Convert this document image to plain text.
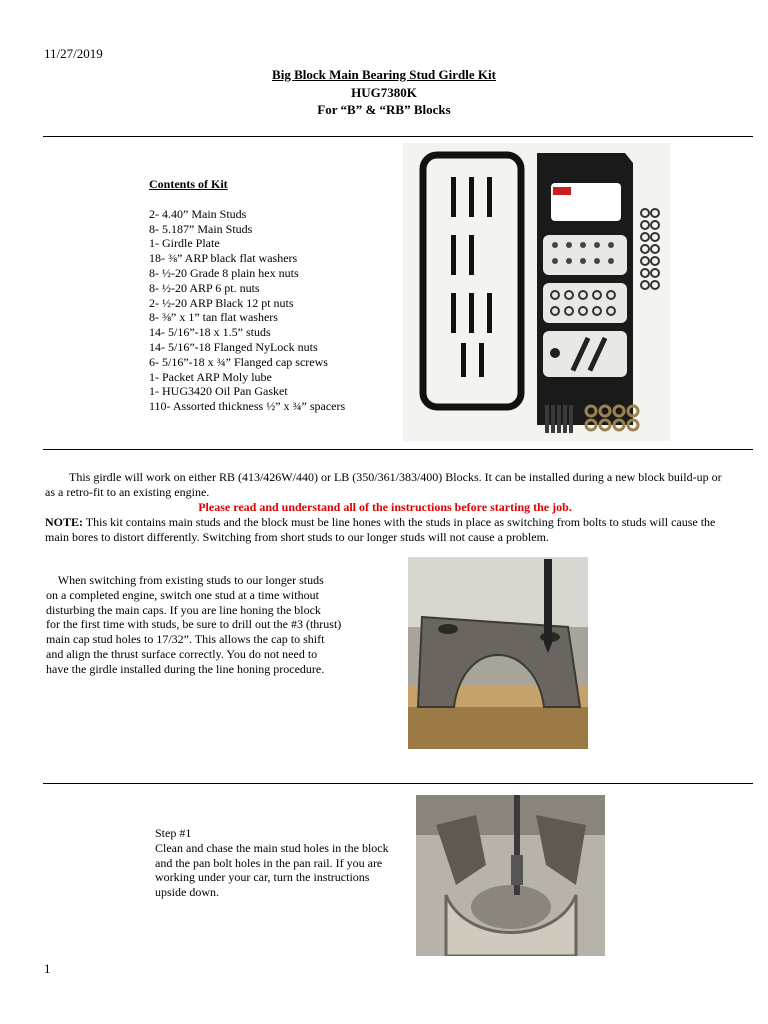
11/27/2019
Big Block Main Bearing Stud Girdle Kit
HUG7380K
For “B” & “RB” Blocks
Contents of Kit
2- 4.40” Main Studs
8- 5.187” Main Studs
1- Girdle Plate
18- ⅜” ARP black flat washers
8- ½-20 Grade 8 plain hex nuts
8- ½-20 ARP 6 pt. nuts
2- ½-20 ARP Black 12 pt nuts
8- ⅜” x 1” tan flat washers
14- 5/16”-18 x 1.5” studs
14- 5/16”-18 Flanged NyLock nuts
6- 5/16”-18 x ¾” Flanged cap screws
1- Packet ARP Moly lube
1- HUG3420 Oil Pan Gasket
110- Assorted thickness ½” x ¾” spacers
This girdle will work on either RB (413/426W/440) or LB (350/361/383/400) Blocks. It can be installed during a new block build-up or as a retro-fit to an existing engine.
Please read and understand all of the instructions before starting the job.
NOTE: This kit contains main studs and the block must be line hones with the studs in place as switching from bolts to studs will cause the main bores to distort differently. Switching from short studs to our longer studs will not cause a problem.
When switching from existing studs to our longer studs
on a completed engine, switch one stud at a time without
disturbing the main caps. If you are line honing the block
for the first time with studs, be sure to drill out the #3 (thrust)
main cap stud holes to 17/32”. This allows the cap to shift
and align the thrust surface correctly. You do not need to
have the girdle installed during the line honing procedure.
Step #1
Clean and chase the main stud holes in the block and the pan bolt holes in the pan rail. If you are working under your car, turn the instructions upside down.
1
